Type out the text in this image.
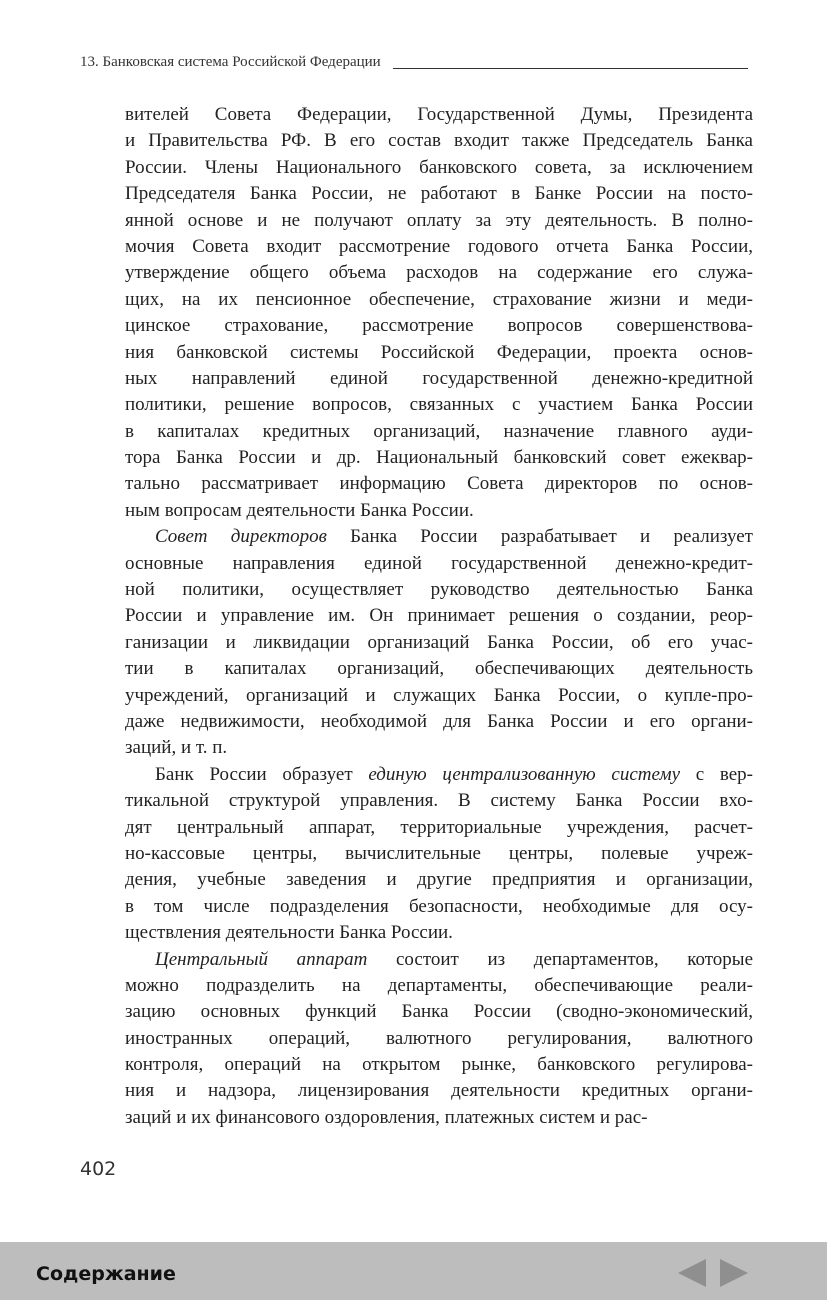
13. Банковская система Российской Федерации
вителей Совета Федерации, Государственной Думы, Президента
и Правительства РФ. В его состав входит также Председатель Банка
России. Члены Национального банковского совета, за исключением
Председателя Банка России, не работают в Банке России на посто-
янной основе и не получают оплату за эту деятельность. В полно-
мочия Совета входит рассмотрение годового отчета Банка России,
утверждение общего объема расходов на содержание его служа-
щих, на их пенсионное обеспечение, страхование жизни и меди-
цинское страхование, рассмотрение вопросов совершенствова-
ния банковской системы Российской Федерации, проекта основ-
ных направлений единой государственной денежно-кредитной
политики, решение вопросов, связанных с участием Банка России
в капиталах кредитных организаций, назначение главного ауди-
тора Банка России и др. Национальный банковский совет ежеквар-
тально рассматривает информацию Совета директоров по основ-
ным вопросам деятельности Банка России.
Совет директоров Банка России разрабатывает и реализует
основные направления единой государственной денежно-кредит-
ной политики, осуществляет руководство деятельностью Банка
России и управление им. Он принимает решения о создании, реор-
ганизации и ликвидации организаций Банка России, об его учас-
тии в капиталах организаций, обеспечивающих деятельность
учреждений, организаций и служащих Банка России, о купле-про-
даже недвижимости, необходимой для Банка России и его органи-
заций, и т. п.
Банк России образует единую централизованную систему с вер-
тикальной структурой управления. В систему Банка России вхо-
дят центральный аппарат, территориальные учреждения, расчет-
но-кассовые центры, вычислительные центры, полевые учреж-
дения, учебные заведения и другие предприятия и организации,
в том числе подразделения безопасности, необходимые для осу-
ществления деятельности Банка России.
Центральный аппарат состоит из департаментов, которые
можно подразделить на департаменты, обеспечивающие реали-
зацию основных функций Банка России (сводно-экономический,
иностранных операций, валютного регулирования, валютного
контроля, операций на открытом рынке, банковского регулирова-
ния и надзора, лицензирования деятельности кредитных органи-
заций и их финансового оздоровления, платежных систем и рас-
402
Содержание
